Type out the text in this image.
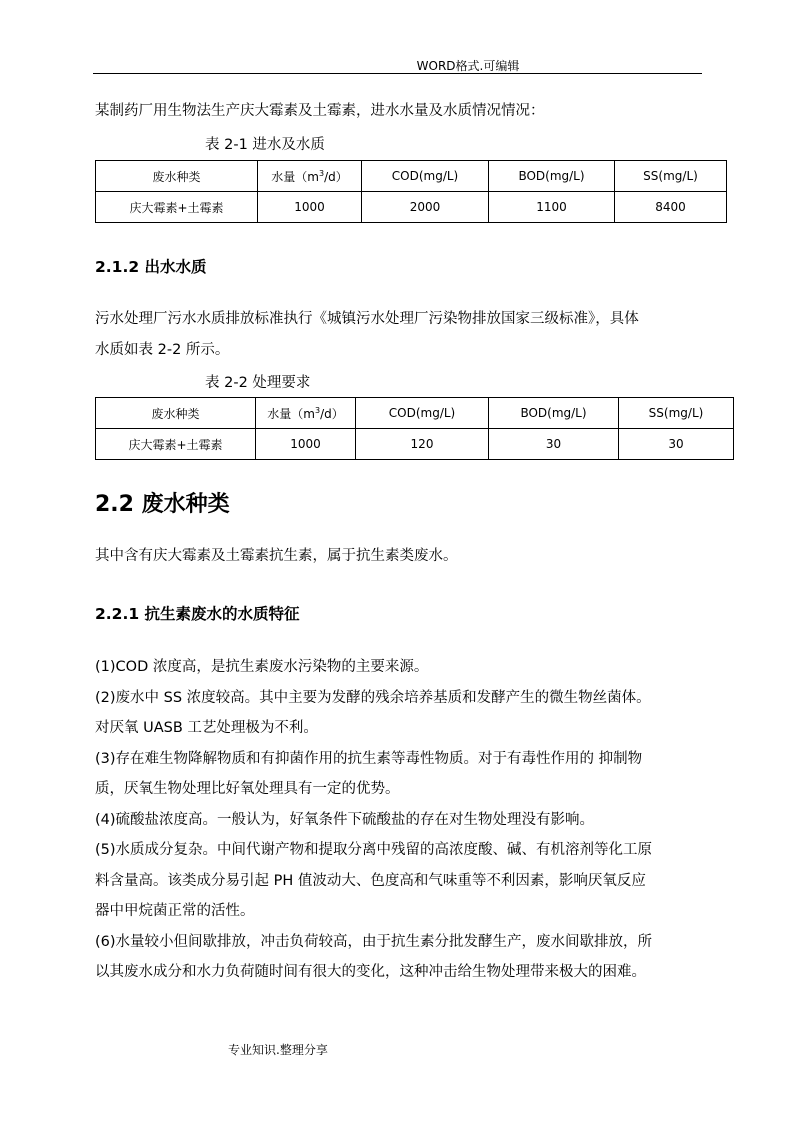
WORD格式.可编辑
某制药厂用生物法生产庆大霉素及土霉素，进水水量及水质情况情况：
表 2-1 进水及水质
废水种类	水量$(m^3/d)$	COD(mg/L)	BOD(mg/L)	SS(mg/L)
庆大霉素+土霉素	1000	2000	1100	8400
2.1.2 出水水质
污水处理厂污水水质排放标准执行《城镇污水处理厂污染物排放国家三级标准》，具体
水质如表 2-2 所示。
表 2-2 处理要求
废水种类	水量$(m^3/d)$	COD(mg/L)	BOD(mg/L)	SS(mg/L)
庆大霉素+土霉素	1000	120	30	30
2.2 废水种类
其中含有庆大霉素及土霉素抗生素，属于抗生素类废水。
2.2.1 抗生素废水的水质特征
(1)COD 浓度高，是抗生素废水污染物的主要来源。
(2)废水中 SS 浓度较高。其中主要为发酵的残余培养基质和发酵产生的微生物丝菌体。
对厌氧 UASB 工艺处理极为不利。
(3)存在难生物降解物质和有抑菌作用的抗生素等毒性物质。对于有毒性作用的 抑制物
质，厌氧生物处理比好氧处理具有一定的优势。
(4)硫酸盐浓度高。一般认为，好氧条件下硫酸盐的存在对生物处理没有影响。
(5)水质成分复杂。中间代谢产物和提取分离中残留的高浓度酸、碱、有机溶剂等化工原
料含量高。该类成分易引起 PH 值波动大、色度高和气味重等不利因素，影响厌氧反应
器中甲烷菌正常的活性。
(6)水量较小但间歇排放，冲击负荷较高，由于抗生素分批发酵生产，废水间歇排放，所
以其废水成分和水力负荷随时间有很大的变化，这种冲击给生物处理带来极大的困难。
专业知识.整理分享
